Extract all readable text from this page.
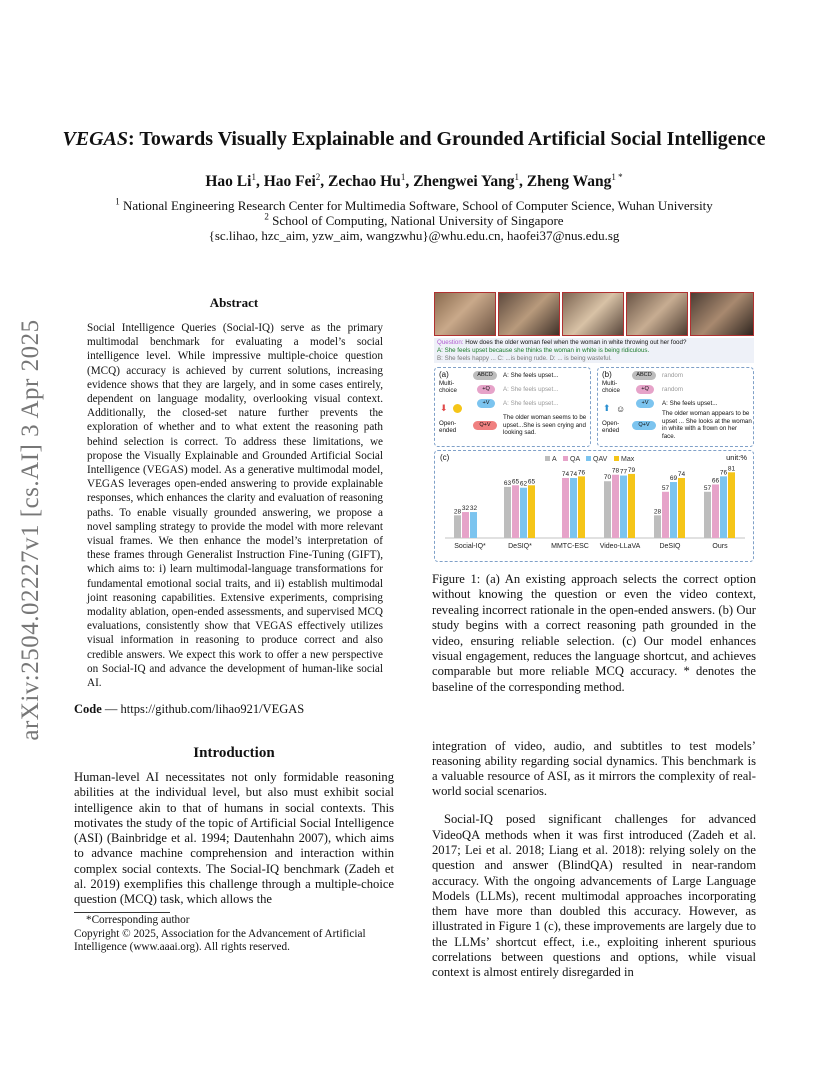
arXiv:2504.02227v1 [cs.AI] 3 Apr 2025
VEGAS: Towards Visually Explainable and Grounded Artificial Social Intelligence
Hao Li$^1$, Hao Fei$^2$, Zechao Hu$^1$, Zhengwei Yang$^1$, Zheng Wang$^{1 *}$
$^1$ National Engineering Research Center for Multimedia Software, School of Computer Science, Wuhan University
$^2$ School of Computing, National University of Singapore
{sc.lihao, hzc_aim, yzw_aim, wangzwhu}@whu.edu.cn, haofei37@nus.edu.sg
Abstract
Social Intelligence Queries (Social-IQ) serve as the primary multimodal benchmark for evaluating a model’s social intelligence level. While impressive multiple-choice question (MCQ) accuracy is achieved by current solutions, increasing evidence shows that they are largely, and in some cases entirely, dependent on language modality, overlooking visual context. Additionally, the closed-set nature further prevents the exploration of whether and to what extent the reasoning path behind selection is correct. To address these limitations, we propose the Visually Explainable and Grounded Artificial Social Intelligence (VEGAS) model. As a generative multimodal model, VEGAS leverages open-ended answering to provide explainable responses, which enhances the clarity and evaluation of reasoning paths. To enable visually grounded answering, we propose a novel sampling strategy to provide the model with more relevant visual frames. We then enhance the model’s interpretation of these frames through Generalist Instruction Fine-Tuning (GIFT), which aims to: i) learn multimodal-language transformations for fundamental emotional social traits, and ii) establish multimodal joint reasoning capabilities. Extensive experiments, comprising modality ablation, open-ended assessments, and supervised MCQ evaluations, consistently show that VEGAS effectively utilizes visual information in reasoning to produce correct and also credible answers. We expect this work to offer a new perspective on Social-IQ and advance the development of human-like social AI.
Code — https://github.com/lihao921/VEGAS
Introduction
Human-level AI necessitates not only formidable reasoning abilities at the individual level, but also must exhibit social intelligence akin to that of humans in social contexts. This motivates the study of the topic of Artificial Social Intelligence (ASI) (Bainbridge et al. 1994; Dautenhahn 2007), which aims to advance machine comprehension and interaction within complex social contexts. The Social-IQ benchmark (Zadeh et al. 2019) exemplifies this challenge through a multiple-choice question (MCQ) task, which allows the
*Corresponding author
Copyright © 2025, Association for the Advancement of Artificial Intelligence (www.aaai.org). All rights reserved.
Question: How does the older woman feel when the woman in white throwing out her food?
A: She feels upset because she thinks the woman in white is being ridiculous.
B: She feels happy ... C: ...is being rude. D: ... is being wasteful.
(a)
Multi-choice
Open-ended
⬇
ABCD
+Q
+V
Q+V
A: She feels upset...
A: She feels upset...
A: She feels upset...
The older woman seems to be upset...She is seen crying and looking sad.
(b)
Multi-choice
Open-ended
⬆ ☺
ABCD
+Q
+V
Q+V
random
random
A: She feels upset...
The older woman appears to be upset ... She looks at the woman in white with a frown on her face.
(c)	unit:%
A QA QAV Max
28 32 32
Social-IQ*
63 65 62 65
DeSIQ*
74 74 76
MMTC-ESC
70
78 77 79
Video-LLaVA
28
57
69
74
DeSIQ
57
66
76
81
Ours
Figure 1: (a) An existing approach selects the correct option without knowing the question or even the video context, revealing incorrect rationale in the open-ended answers. (b) Our study begins with a correct reasoning path grounded in the video, ensuring reliable selection. (c) Our model enhances visual engagement, reduces the language shortcut, and achieves comparable but more reliable MCQ accuracy. * denotes the baseline of the corresponding method.

integration of video, audio, and subtitles to test models’ reasoning ability regarding social dynamics. This benchmark is a valuable resource of ASI, as it mirrors the complexity of real-world social scenarios.

Social-IQ posed significant challenges for advanced VideoQA methods when it was first introduced (Zadeh et al. 2017; Lei et al. 2018; Liang et al. 2018): relying solely on the question and answer (BlindQA) resulted in near-random accuracy. With the ongoing advancements of Large Language Models (LLMs), recent multimodal approaches incorporating them have more than doubled this accuracy. However, as illustrated in Figure 1 (c), these improvements are largely due to the LLMs’ shortcut effect, i.e., exploiting inherent spurious correlations between questions and options, while visual context is almost entirely disregarded in
